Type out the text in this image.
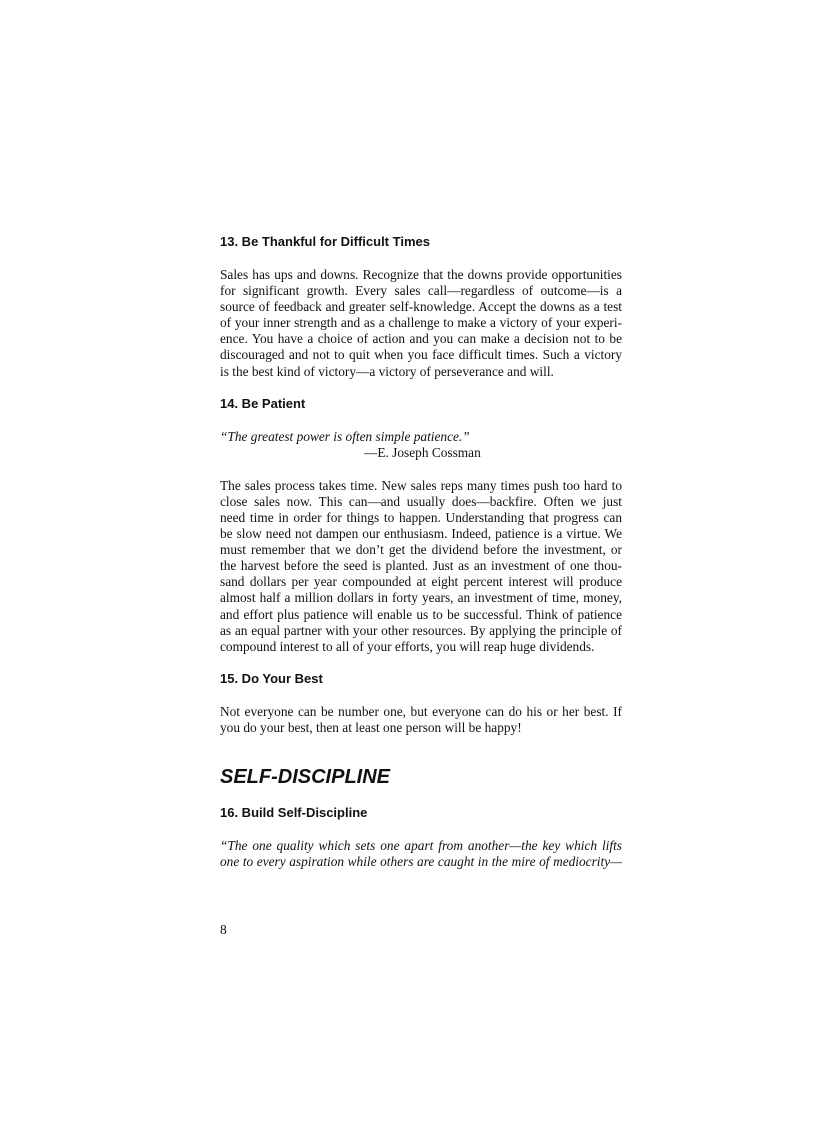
13. Be Thankful for Difficult Times
Sales has ups and downs. Recognize that the downs provide opportunities
for significant growth. Every sales call—regardless of outcome—is a
source of feedback and greater self-knowledge. Accept the downs as a test
of your inner strength and as a challenge to make a victory of your experi-
ence. You have a choice of action and you can make a decision not to be
discouraged and not to quit when you face difficult times. Such a victory
is the best kind of victory—a victory of perseverance and will.
14. Be Patient
“The greatest power is often simple patience.”

—E. Joseph Cossman

The sales process takes time. New sales reps many times push too hard to
close sales now. This can—and usually does—backfire. Often we just
need time in order for things to happen. Understanding that progress can
be slow need not dampen our enthusiasm. Indeed, patience is a virtue. We
must remember that we don’t get the dividend before the investment, or
the harvest before the seed is planted. Just as an investment of one thou-
sand dollars per year compounded at eight percent interest will produce
almost half a million dollars in forty years, an investment of time, money,
and effort plus patience will enable us to be successful. Think of patience
as an equal partner with your other resources. By applying the principle of
compound interest to all of your efforts, you will reap huge dividends.
15. Do Your Best
Not everyone can be number one, but everyone can do his or her best. If
you do your best, then at least one person will be happy!
SELF-DISCIPLINE
16. Build Self-Discipline
“The one quality which sets one apart from another—the key which lifts
one to every aspiration while others are caught in the mire of mediocrity—

8
